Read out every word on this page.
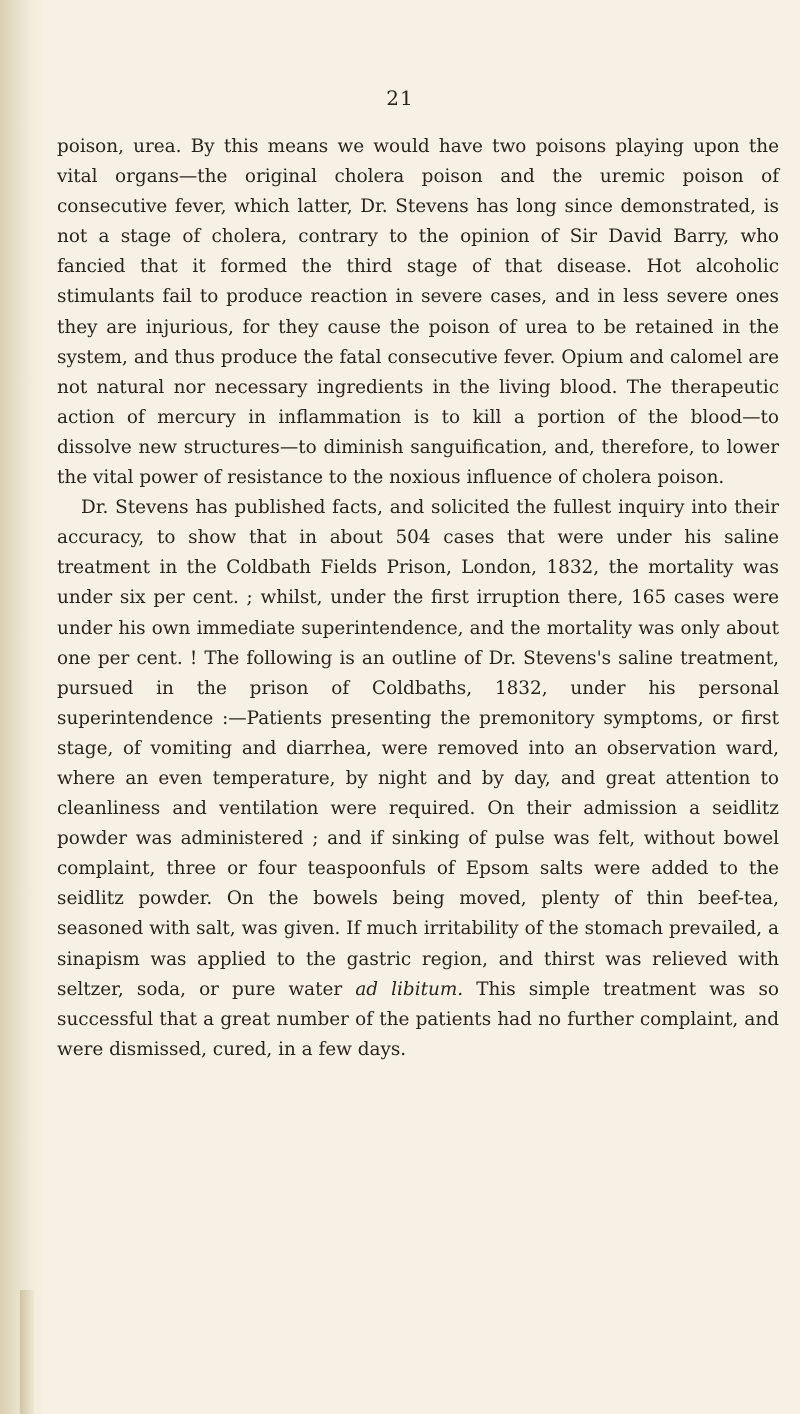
21

poison, urea. By this means we would have two poisons playing upon the vital organs—the original cholera poison and the uremic poison of consecutive fever, which latter, Dr. Stevens has long since demonstrated, is not a stage of cholera, contrary to the opinion of Sir David Barry, who fancied that it formed the third stage of that disease. Hot alcoholic stimulants fail to produce reaction in severe cases, and in less severe ones they are injurious, for they cause the poison of urea to be retained in the system, and thus produce the fatal consecutive fever. Opium and calomel are not natural nor necessary ingredients in the living blood. The therapeutic action of mercury in inflammation is to kill a portion of the blood—to dissolve new structures—to diminish sanguification, and, therefore, to lower the vital power of resistance to the noxious influence of cholera poison.

Dr. Stevens has published facts, and solicited the fullest inquiry into their accuracy, to show that in about 504 cases that were under his saline treatment in the Coldbath Fields Prison, London, 1832, the mortality was under six per cent. ; whilst, under the first irruption there, 165 cases were under his own immediate superintendence, and the mortality was only about one per cent. ! The following is an outline of Dr. Stevens's saline treatment, pursued in the prison of Coldbaths, 1832, under his personal superintendence :—Patients presenting the premonitory symptoms, or first stage, of vomiting and diarrhea, were removed into an observation ward, where an even temperature, by night and by day, and great attention to cleanliness and ventilation were required. On their admission a seidlitz powder was administered ; and if sinking of pulse was felt, without bowel complaint, three or four teaspoonfuls of Epsom salts were added to the seidlitz powder. On the bowels being moved, plenty of thin beef-tea, seasoned with salt, was given. If much irritability of the stomach prevailed, a sinapism was applied to the gastric region, and thirst was relieved with seltzer, soda, or pure water ad libitum. This simple treatment was so successful that a great number of the patients had no further complaint, and were dismissed, cured, in a few days.
